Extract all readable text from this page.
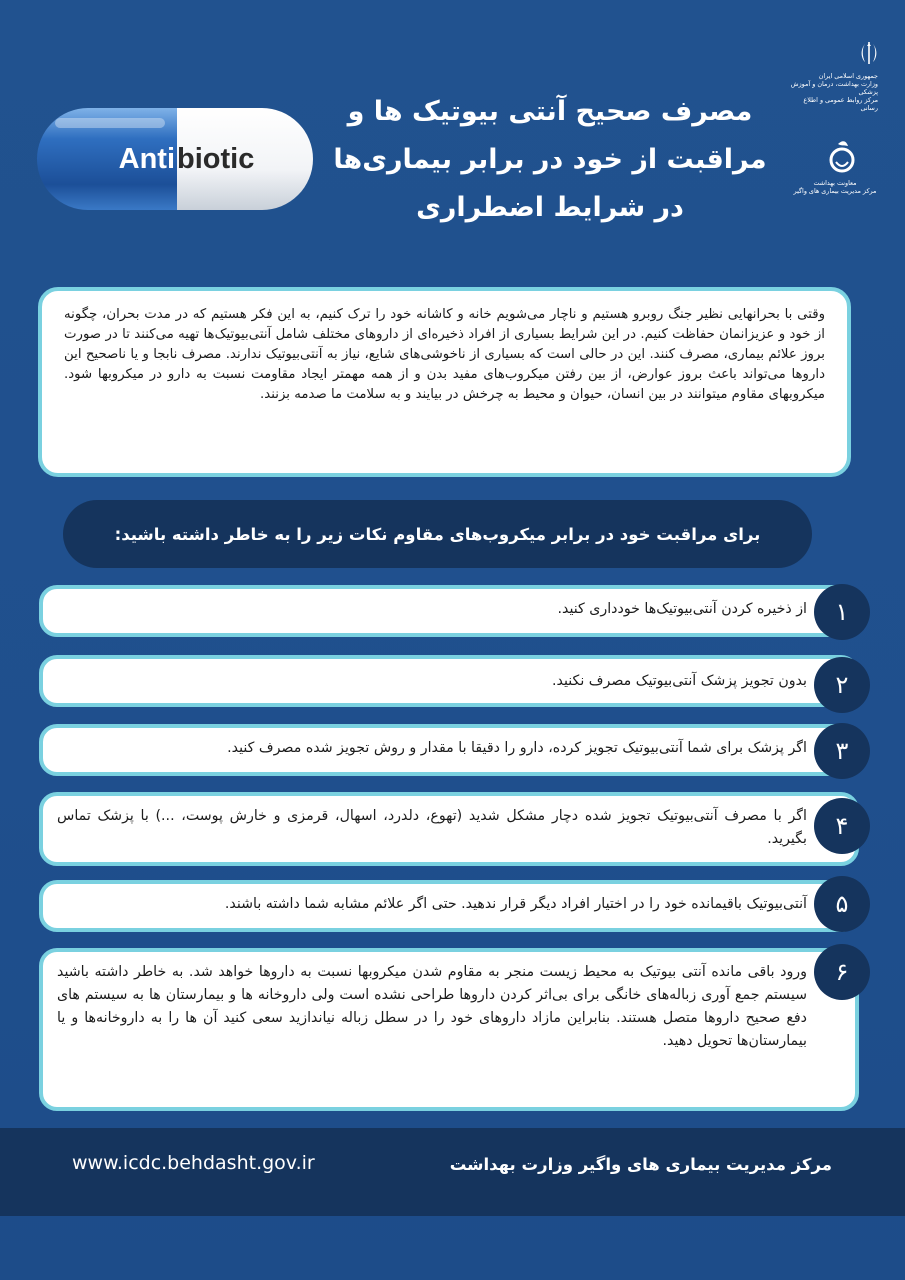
Anti biotic
جمهوری اسلامی ایران
وزارت بهداشت، درمان و آموزش پزشکی
مرکز روابط عمومی و اطلاع رسانی
معاونت بهداشت
مرکز مدیریت بیماری های واگیر
مصرف صحیح آنتی بیوتیک ها و
مراقبت از خود در برابر بیماری‌ها
در شرایط اضطراری
وقتی با بحرانهایی نظیر جنگ روبرو هستیم و ناچار می‌شویم خانه و کاشانه خود را ترک کنیم، به این فکر هستیم که در مدت بحران، چگونه از خود و عزیزانمان حفاظت کنیم. در این شرایط بسیاری از افراد ذخیره‌ای از داروهای مختلف شامل آنتی‌بیوتیک‌ها تهیه می‌کنند تا در صورت بروز علائم بیماری، مصرف کنند. این در حالی است که بسیاری از ناخوشی‌های شایع، نیاز به آنتی‌بیوتیک ندارند. مصرف نابجا و یا ناصحیح این داروها می‌تواند باعث بروز عوارض، از بین رفتن میکروب‌های مفید بدن و از همه مهمتر ایجاد مقاومت نسبت به دارو در میکروبها شود. میکروبهای مقاوم میتوانند در بین انسان، حیوان و محیط به چرخش در بیایند و به سلامت ما صدمه بزنند.
برای مراقبت خود در برابر میکروب‌های مقاوم نکات زیر را به خاطر داشته باشید:
از ذخیره کردن آنتی‌بیوتیک‌ها خودداری کنید.	۱
بدون تجویز پزشک آنتی‌بیوتیک مصرف نکنید.	۲
اگر پزشک برای شما آنتی‌بیوتیک تجویز کرده، دارو را دقیقا با مقدار و روش تجویز شده مصرف کنید.	۳
اگر با مصرف آنتی‌بیوتیک تجویز شده دچار مشکل شدید (تهوع، دلدرد، اسهال، قرمزی و خارش پوست، ...) با پزشک تماس بگیرید.	۴
آنتی‌بیوتیک باقیمانده خود را در اختیار افراد دیگر قرار ندهید. حتی اگر علائم مشابه شما داشته باشند.	۵
ورود باقی مانده آنتی بیوتیک به محیط زیست منجر به مقاوم شدن میکروبها نسبت به داروها خواهد شد. به خاطر داشته باشید سیستم جمع آوری زباله‌های خانگی برای بی‌اثر کردن داروها طراحی نشده است ولی داروخانه ها و بیمارستان ها به سیستم های دفع صحیح داروها متصل هستند. بنابراین مازاد داروهای خود را در سطل زباله نیاندازید سعی کنید آن ها را به داروخانه‌ها و یا بیمارستان‌ها تحویل دهید.
۶
www.icdc.behdasht.gov.ir	مرکز مدیریت بیماری های واگیر وزارت بهداشت
